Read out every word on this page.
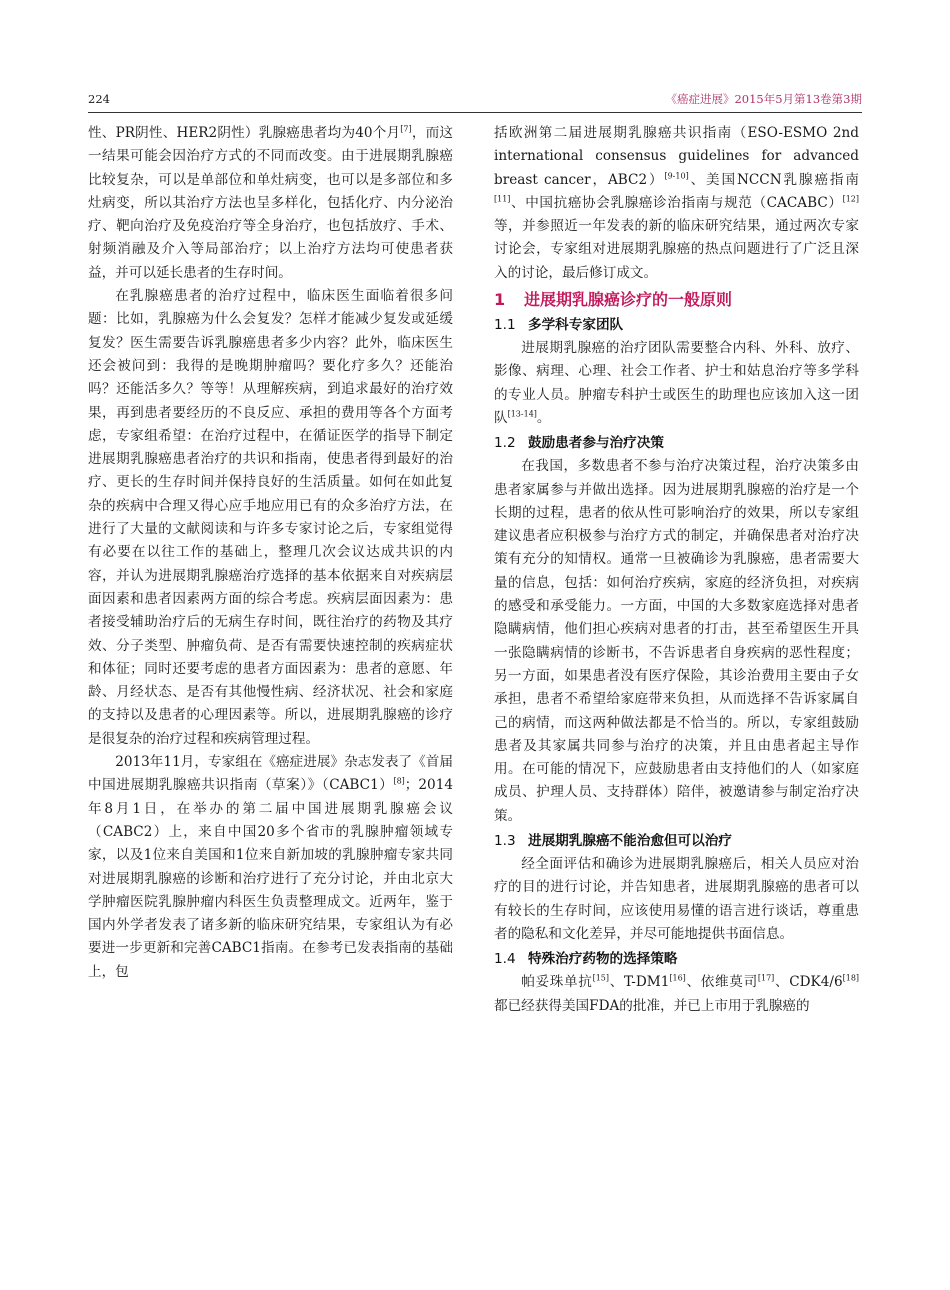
224	《癌症进展》2015年5月第13卷第3期

性、PR阴性、HER2阴性）乳腺癌患者均为40个月[7]，而这一结果可能会因治疗方式的不同而改变。由于进展期乳腺癌比较复杂，可以是单部位和单灶病变，也可以是多部位和多灶病变，所以其治疗方法也呈多样化，包括化疗、内分泌治疗、靶向治疗及免疫治疗等全身治疗，也包括放疗、手术、射频消融及介入等局部治疗；以上治疗方法均可使患者获益，并可以延长患者的生存时间。

在乳腺癌患者的治疗过程中，临床医生面临着很多问题：比如，乳腺癌为什么会复发？怎样才能减少复发或延缓复发？医生需要告诉乳腺癌患者多少内容？此外，临床医生还会被问到：我得的是晚期肿瘤吗？要化疗多久？还能治吗？还能活多久？等等！从理解疾病，到追求最好的治疗效果，再到患者要经历的不良反应、承担的费用等各个方面考虑，专家组希望：在治疗过程中，在循证医学的指导下制定进展期乳腺癌患者治疗的共识和指南，使患者得到最好的治疗、更长的生存时间并保持良好的生活质量。如何在如此复杂的疾病中合理又得心应手地应用已有的众多治疗方法，在进行了大量的文献阅读和与许多专家讨论之后，专家组觉得有必要在以往工作的基础上，整理几次会议达成共识的内容，并认为进展期乳腺癌治疗选择的基本依据来自对疾病层面因素和患者因素两方面的综合考虑。疾病层面因素为：患者接受辅助治疗后的无病生存时间，既往治疗的药物及其疗效、分子类型、肿瘤负荷、是否有需要快速控制的疾病症状和体征；同时还要考虑的患者方面因素为：患者的意愿、年龄、月经状态、是否有其他慢性病、经济状况、社会和家庭的支持以及患者的心理因素等。所以，进展期乳腺癌的诊疗是很复杂的治疗过程和疾病管理过程。

2013年11月，专家组在《癌症进展》杂志发表了《首届中国进展期乳腺癌共识指南（草案）》（CABC1）[8]；2014年8月1日，在举办的第二届中国进展期乳腺癌会议（CABC2）上，来自中国20多个省市的乳腺肿瘤领域专家，以及1位来自美国和1位来自新加坡的乳腺肿瘤专家共同对进展期乳腺癌的诊断和治疗进行了充分讨论，并由北京大学肿瘤医院乳腺肿瘤内科医生负责整理成文。近两年，鉴于国内外学者发表了诸多新的临床研究结果，专家组认为有必要进一步更新和完善CABC1指南。在参考已发表指南的基础上，包

括欧洲第二届进展期乳腺癌共识指南（ESO-ESMO 2nd international consensus guidelines for advanced breast cancer，ABC2）[9-10]、美国NCCN乳腺癌指南[11]、中国抗癌协会乳腺癌诊治指南与规范（CACABC）[12]等，并参照近一年发表的新的临床研究结果，通过两次专家讨论会，专家组对进展期乳腺癌的热点问题进行了广泛且深入的讨论，最后修订成文。

1 进展期乳腺癌诊疗的一般原则
1.1 多学科专家团队

进展期乳腺癌的治疗团队需要整合内科、外科、放疗、影像、病理、心理、社会工作者、护士和姑息治疗等多学科的专业人员。肿瘤专科护士或医生的助理也应该加入这一团队[13-14]。

1.2 鼓励患者参与治疗决策

在我国，多数患者不参与治疗决策过程，治疗决策多由患者家属参与并做出选择。因为进展期乳腺癌的治疗是一个长期的过程，患者的依从性可影响治疗的效果，所以专家组建议患者应积极参与治疗方式的制定，并确保患者对治疗决策有充分的知情权。通常一旦被确诊为乳腺癌，患者需要大量的信息，包括：如何治疗疾病，家庭的经济负担，对疾病的感受和承受能力。一方面，中国的大多数家庭选择对患者隐瞒病情，他们担心疾病对患者的打击，甚至希望医生开具一张隐瞒病情的诊断书，不告诉患者自身疾病的恶性程度；另一方面，如果患者没有医疗保险，其诊治费用主要由子女承担，患者不希望给家庭带来负担，从而选择不告诉家属自己的病情，而这两种做法都是不恰当的。所以，专家组鼓励患者及其家属共同参与治疗的决策，并且由患者起主导作用。在可能的情况下，应鼓励患者由支持他们的人（如家庭成员、护理人员、支持群体）陪伴，被邀请参与制定治疗决策。

1.3 进展期乳腺癌不能治愈但可以治疗

经全面评估和确诊为进展期乳腺癌后，相关人员应对治疗的目的进行讨论，并告知患者，进展期乳腺癌的患者可以有较长的生存时间，应该使用易懂的语言进行谈话，尊重患者的隐私和文化差异，并尽可能地提供书面信息。

1.4 特殊治疗药物的选择策略

帕妥珠单抗[15]、T-DM1[16]、依维莫司[17]、CDK4/6[18]都已经获得美国FDA的批准，并已上市用于乳腺癌的
